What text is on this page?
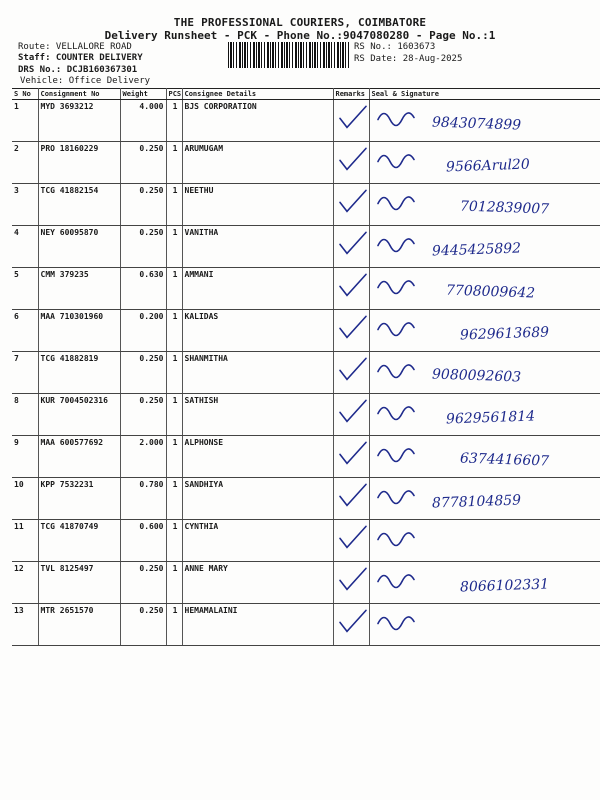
THE PROFESSIONAL COURIERS, COIMBATORE
Delivery Runsheet - PCK - Phone No.:9047080280 - Page No.:1
Route: VELLALORE ROAD
Staff: COUNTER DELIVERY
DRS No.: DCJB160367301
Vehicle: Office Delivery
RS No.: 1603673
RS Date: 28-Aug-2025
S No	Consignment No	Weight	PCS	Consignee Details	Remarks	Seal & Signature
1	MYD 3693212	4.000	1	BJS CORPORATION		9843074899
2	PRO 18160229	0.250	1	ARUMUGAM		9566Arul20
3	TCG 41882154	0.250	1	NEETHU		7012839007
4	NEY 60095870	0.250	1	VANITHA		9445425892
5	CMM 379235	0.630	1	AMMANI		7708009642
6	MAA 710301960	0.200	1	KALIDAS		9629613689
7	TCG 41882819	0.250	1	SHANMITHA		9080092603
8	KUR 7004502316	0.250	1	SATHISH		9629561814
9	MAA 600577692	2.000	1	ALPHONSE		6374416607
10	KPP 7532231	0.780	1	SANDHIYA		8778104859
11	TCG 41870749	0.600	1	CYNTHIA		
12	TVL 8125497	0.250	1	ANNE MARY		8066102331
13	MTR 2651570	0.250	1	HEMAMALAINI		
